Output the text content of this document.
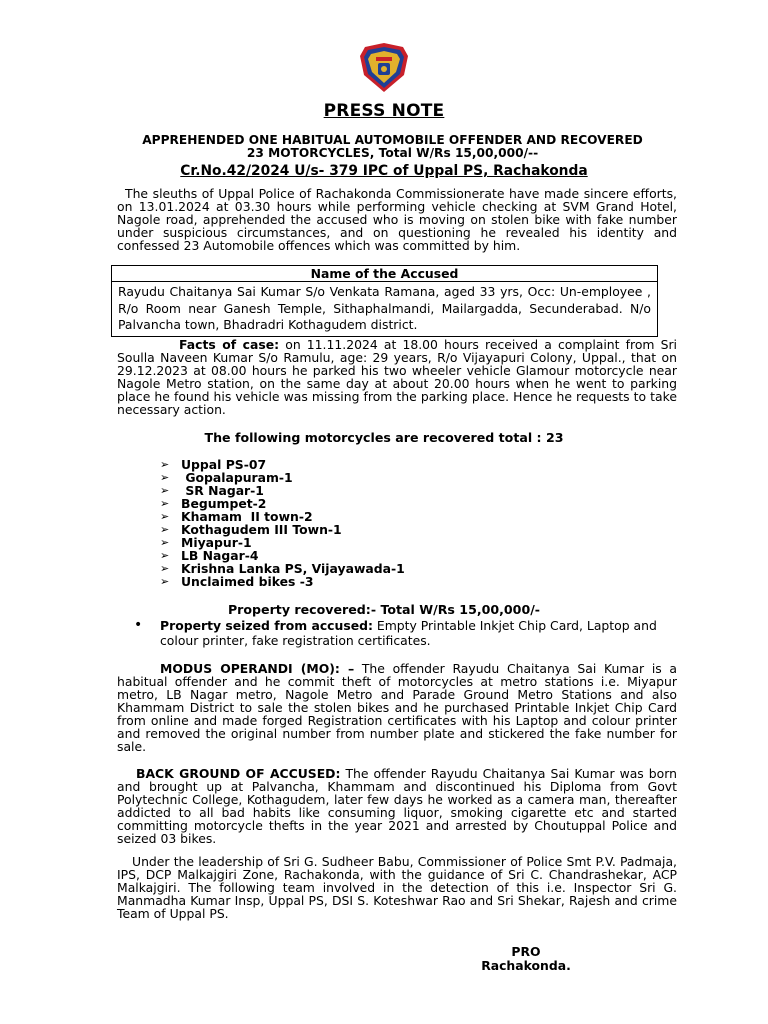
PRESS NOTE
APPREHENDED ONE HABITUAL AUTOMOBILE OFFENDER AND RECOVERED
23 MOTORCYCLES, Total W/Rs 15,00,000/--
Cr.No.42/2024 U/s- 379 IPC of Uppal PS, Rachakonda
The sleuths of Uppal Police of Rachakonda Commissionerate have made sincere efforts, on 13.01.2024 at 03.30 hours while performing vehicle checking at SVM Grand Hotel, Nagole road, apprehended the accused who is moving on stolen bike with fake number under suspicious circumstances, and on questioning he revealed his identity and confessed 23 Automobile offences which was committed by him.
Name of the Accused
Rayudu Chaitanya Sai Kumar S/o Venkata Ramana, aged 33 yrs, Occ: Un-employee , R/o Room near Ganesh Temple, Sithaphalmandi, Mailargadda, Secunderabad. N/o Palvancha town, Bhadradri Kothagudem district.
Facts of case: on 11.11.2024 at 18.00 hours received a complaint from Sri Soulla Naveen Kumar S/o Ramulu, age: 29 years, R/o Vijayapuri Colony, Uppal., that on 29.12.2023 at 08.00 hours he parked his two wheeler vehicle Glamour motorcycle near Nagole Metro station, on the same day at about 20.00 hours when he went to parking place he found his vehicle was missing from the parking place. Hence he requests to take necessary action.
The following motorcycles are recovered total : 23
➢ Uppal PS-07
➢ Gopalapuram-1
➢ SR Nagar-1
➢ Begumpet-2
➢ Khamam  II town-2
➢ Kothagudem III Town-1
➢ Miyapur-1
➢ LB Nagar-4
➢ Krishna Lanka PS, Vijayawada-1
➢ Unclaimed bikes -3
Property recovered:- Total W/Rs 15,00,000/-
• Property seized from accused: Empty Printable Inkjet Chip Card, Laptop and colour printer, fake registration certificates.
MODUS OPERANDI (MO): – The offender Rayudu Chaitanya Sai Kumar is a habitual offender and he commit theft of motorcycles at metro stations i.e. Miyapur metro, LB Nagar metro, Nagole Metro and Parade Ground Metro Stations and also Khammam District to sale the stolen bikes and he purchased Printable Inkjet Chip Card from online and made forged Registration certificates with his Laptop and colour printer and removed the original number from number plate and stickered the fake number for sale.
BACK GROUND OF ACCUSED: The offender Rayudu Chaitanya Sai Kumar was born and brought up at Palvancha, Khammam and discontinued his Diploma from Govt Polytechnic College, Kothagudem, later few days he worked as a camera man, thereafter addicted to all bad habits like consuming liquor, smoking cigarette etc and started committing motorcycle thefts in the year 2021 and arrested by Choutuppal Police and seized 03 bikes.
Under the leadership of Sri G. Sudheer Babu, Commissioner of Police Smt P.V. Padmaja, IPS, DCP Malkajgiri Zone, Rachakonda, with the guidance of Sri C. Chandrashekar, ACP Malkajgiri. The following team involved in the detection of this i.e. Inspector Sri G. Manmadha Kumar Insp, Uppal PS, DSI S. Koteshwar Rao and Sri Shekar, Rajesh and crime Team of Uppal PS.
PRO
Rachakonda.
